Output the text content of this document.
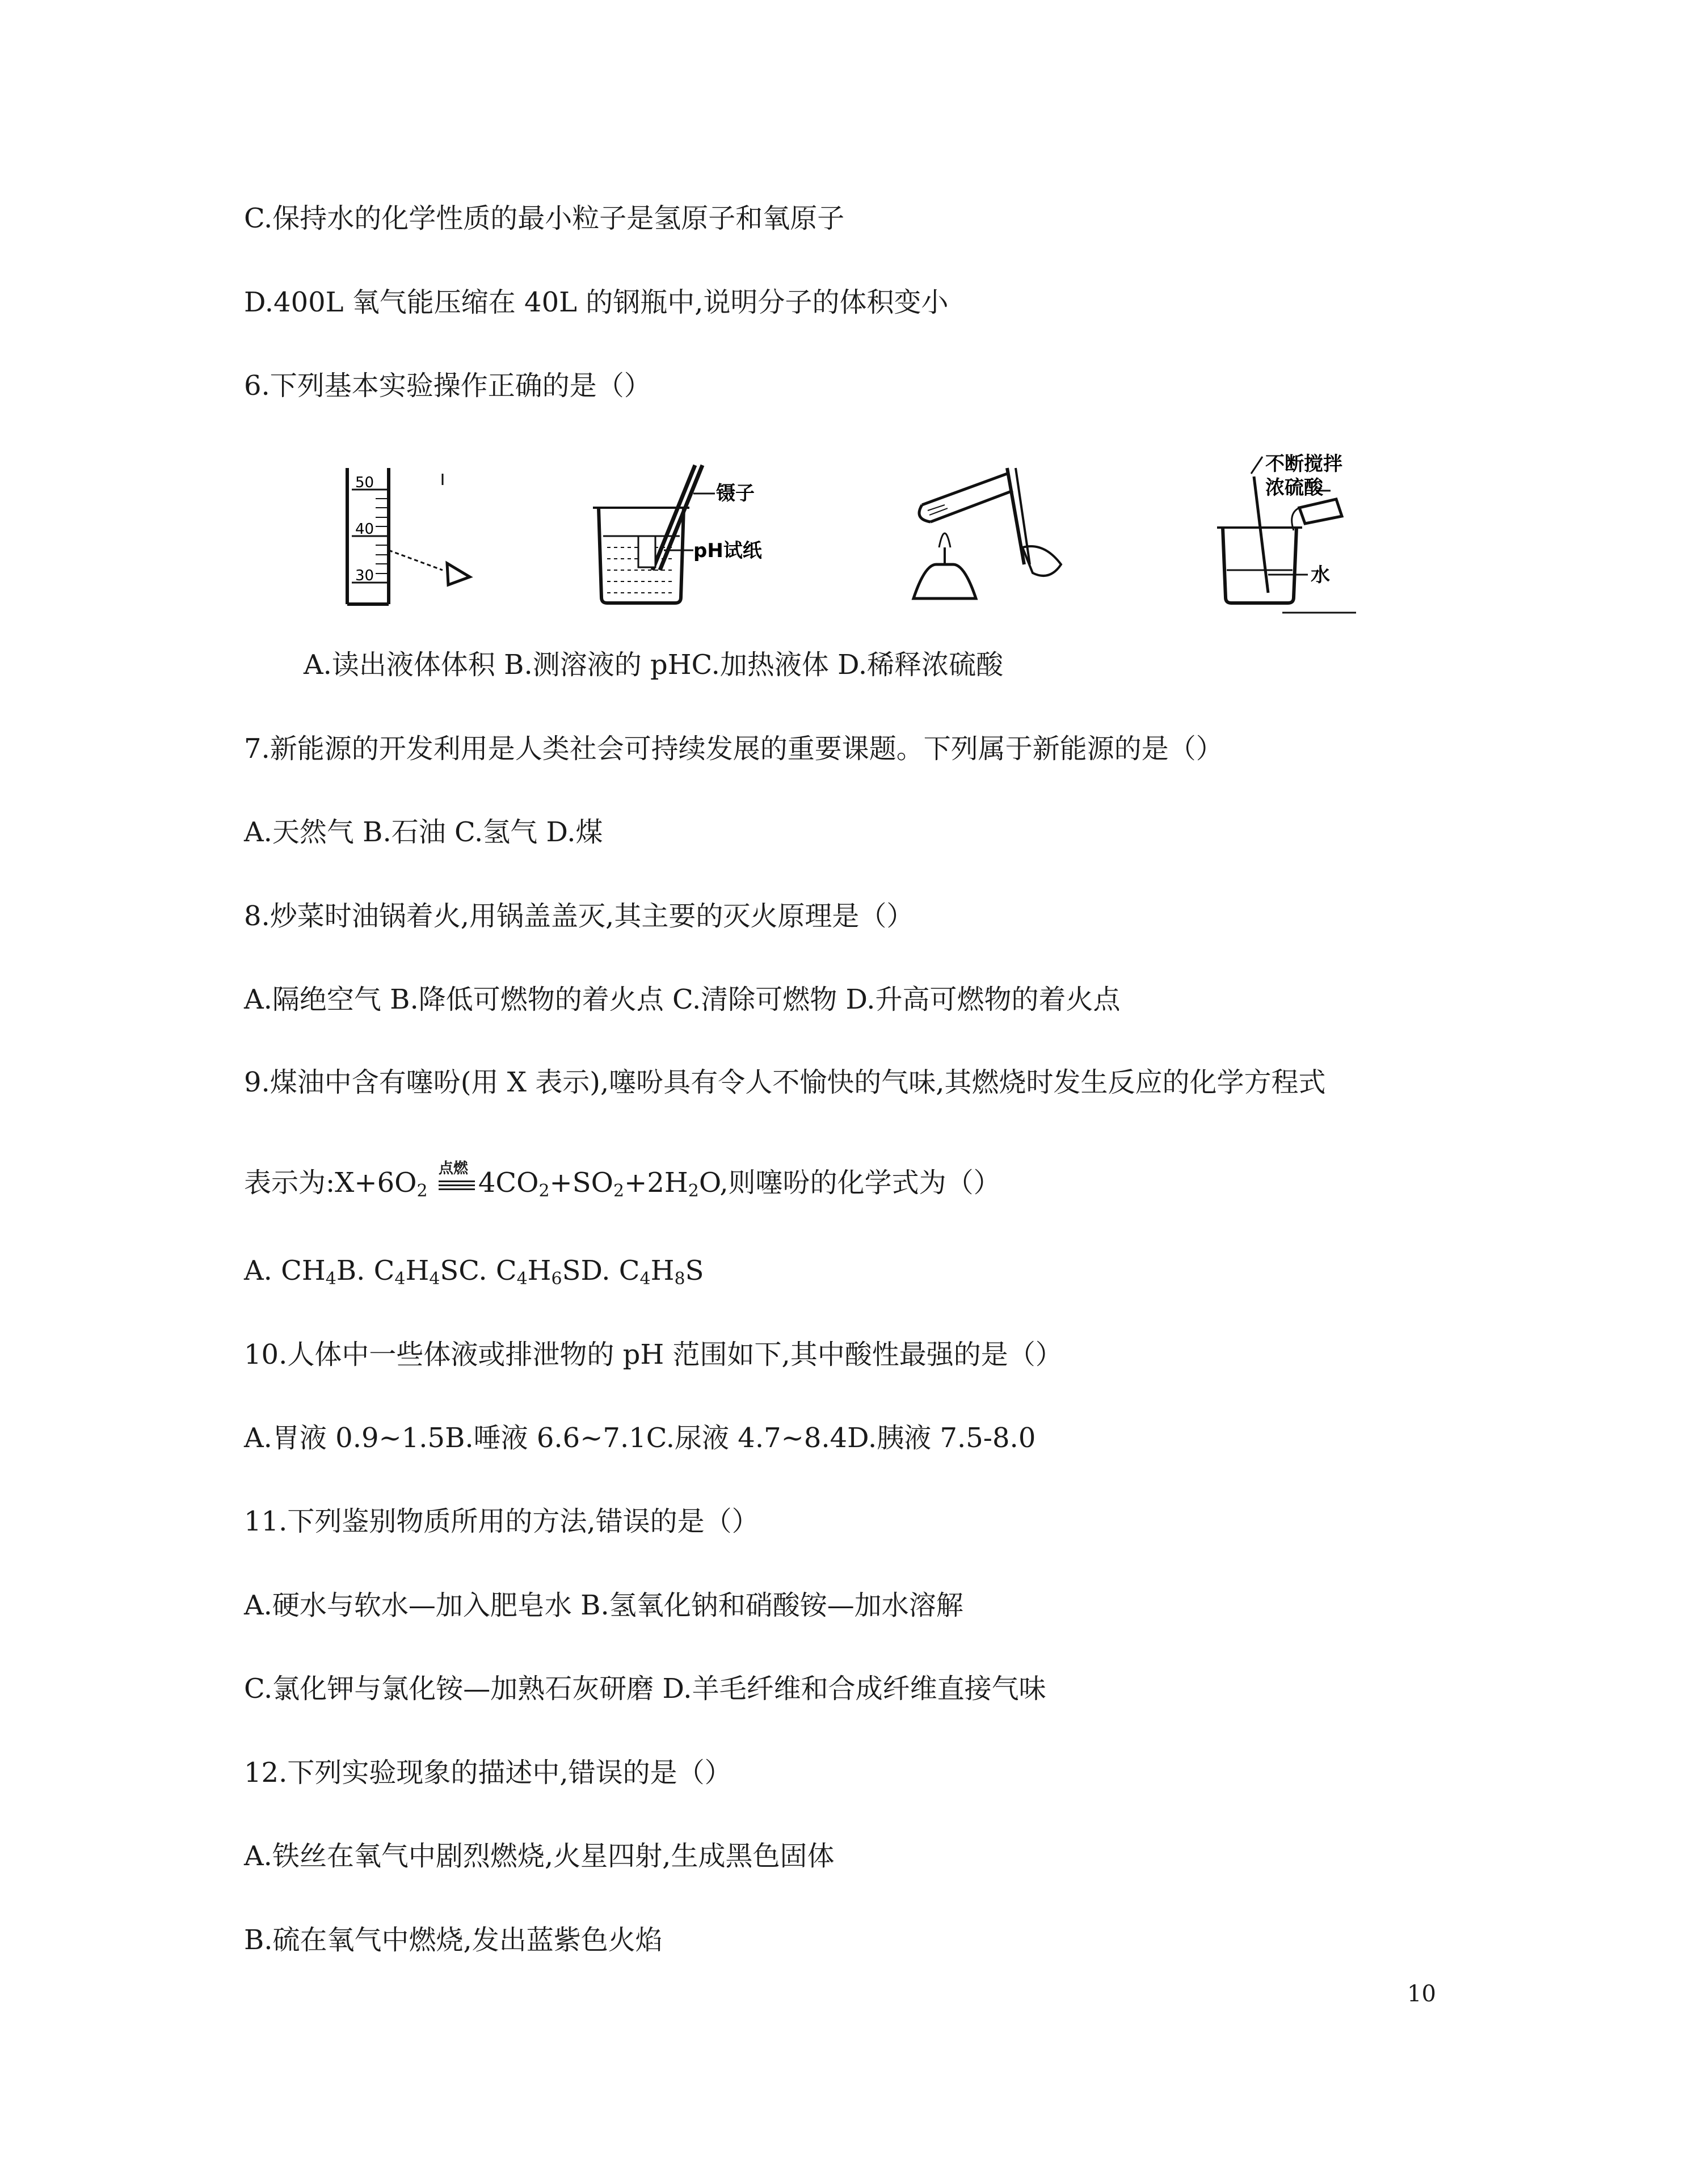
C.保持水的化学性质的最小粒子是氢原子和氧原子
D.400L 氧气能压缩在 40L 的钢瓶中,说明分子的体积变小
6.下列基本实验操作正确的是（）
50
40
30
镊子
pH试纸
不断搅拌
浓硫酸
水
A.读出液体体积 B.测溶液的 pHC.加热液体 D.稀释浓硫酸
7.新能源的开发利用是人类社会可持续发展的重要课题。下列属于新能源的是（）
A.天然气 B.石油 C.氢气 D.煤
8.炒菜时油锅着火,用锅盖盖灭,其主要的灭火原理是（）
A.隔绝空气 B.降低可燃物的着火点 C.清除可燃物 D.升高可燃物的着火点
9.煤油中含有噻吩(用 X 表示),噻吩具有令人不愉快的气味,其燃烧时发生反应的化学方程式
表示为$:X+6O_2$
点燃 $4CO_2+SO_2+2H_2O$,则噻吩的化学式为（）
A. $CH_4B$. $C_4H_4SC$. $C_4H_6SD$. $C_4H_8S$
10.人体中一些体液或排泄物的 pH 范围如下,其中酸性最强的是（）
A.胃液 0.9~1.5B.唾液 6.6~7.1C.尿液 4.7~8.4D.胰液 7.5-8.0
11.下列鉴别物质所用的方法,错误的是（）
A.硬水与软水—加入肥皂水 B.氢氧化钠和硝酸铵—加水溶解
C.氯化钾与氯化铵—加熟石灰研磨 D.羊毛纤维和合成纤维直接气味
12.下列实验现象的描述中,错误的是（）
A.铁丝在氧气中剧烈燃烧,火星四射,生成黑色固体
B.硫在氧气中燃烧,发出蓝紫色火焰
10
